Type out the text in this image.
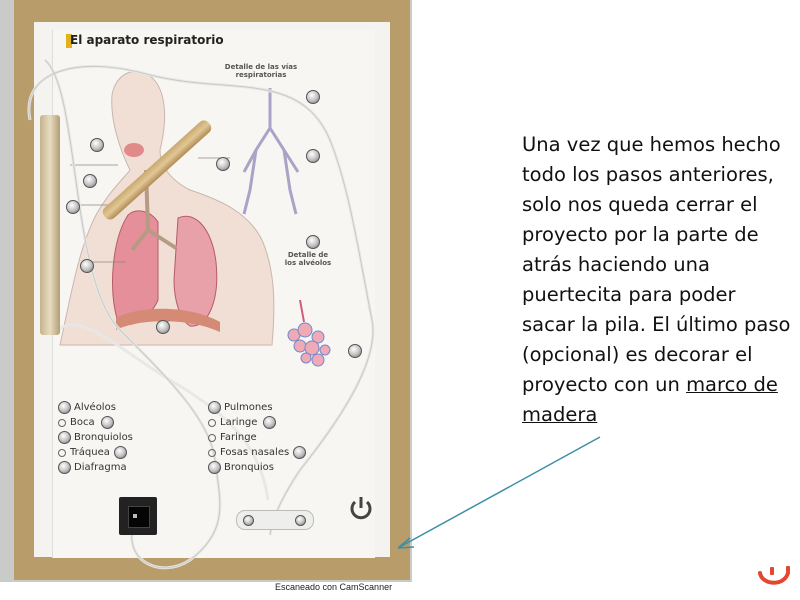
El aparato respiratorio
Detalle de las vías respiratorias
Detalle de los alvéolos
Alvéolos
Boca
Bronquiolos
Tráquea
Diafragma
Pulmones
Laringe
Faringe
Fosas nasales
Bronquios
Escaneado con CamScanner
Una vez que hemos hecho todo los pasos anteriores, solo nos queda cerrar el proyecto por la parte de atrás haciendo una puertecita para poder sacar la pila. El último paso (opcional) es decorar el proyecto con un marco de madera
